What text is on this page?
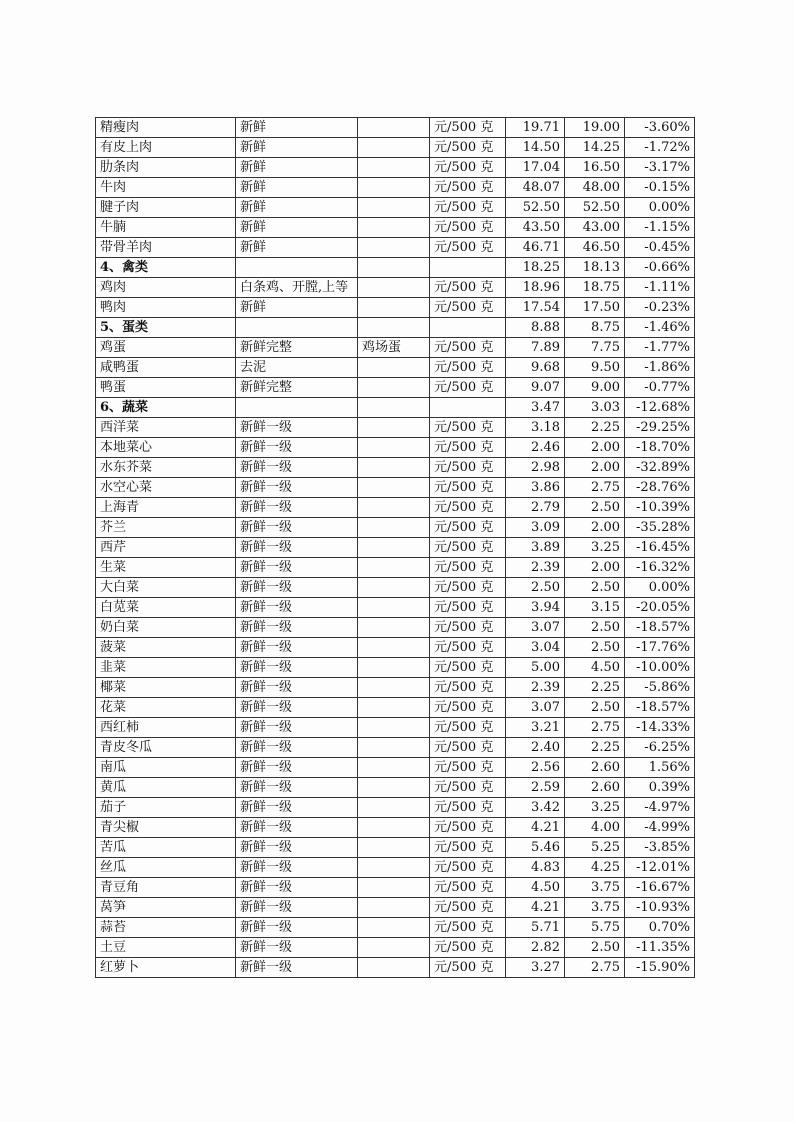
精瘦肉	新鲜		元/500 克	19.71	19.00	-3.60%
有皮上肉	新鲜		元/500 克	14.50	14.25	-1.72%
肋条肉	新鲜		元/500 克	17.04	16.50	-3.17%
牛肉	新鲜		元/500 克	48.07	48.00	-0.15%
腱子肉	新鲜		元/500 克	52.50	52.50	0.00%
牛腩	新鲜		元/500 克	43.50	43.00	-1.15%
带骨羊肉	新鲜		元/500 克	46.71	46.50	-0.45%
4、禽类				18.25	18.13	-0.66%
鸡肉	白条鸡、开膛,上等		元/500 克	18.96	18.75	-1.11%
鸭肉	新鲜		元/500 克	17.54	17.50	-0.23%
5、蛋类				8.88	8.75	-1.46%
鸡蛋	新鲜完整	鸡场蛋	元/500 克	7.89	7.75	-1.77%
咸鸭蛋	去泥		元/500 克	9.68	9.50	-1.86%
鸭蛋	新鲜完整		元/500 克	9.07	9.00	-0.77%
6、蔬菜				3.47	3.03	-12.68%
西洋菜	新鲜一级		元/500 克	3.18	2.25	-29.25%
本地菜心	新鲜一级		元/500 克	2.46	2.00	-18.70%
水东芥菜	新鲜一级		元/500 克	2.98	2.00	-32.89%
水空心菜	新鲜一级		元/500 克	3.86	2.75	-28.76%
上海青	新鲜一级		元/500 克	2.79	2.50	-10.39%
芥兰	新鲜一级		元/500 克	3.09	2.00	-35.28%
西芹	新鲜一级		元/500 克	3.89	3.25	-16.45%
生菜	新鲜一级		元/500 克	2.39	2.00	-16.32%
大白菜	新鲜一级		元/500 克	2.50	2.50	0.00%
白苋菜	新鲜一级		元/500 克	3.94	3.15	-20.05%
奶白菜	新鲜一级		元/500 克	3.07	2.50	-18.57%
菠菜	新鲜一级		元/500 克	3.04	2.50	-17.76%
韭菜	新鲜一级		元/500 克	5.00	4.50	-10.00%
椰菜	新鲜一级		元/500 克	2.39	2.25	-5.86%
花菜	新鲜一级		元/500 克	3.07	2.50	-18.57%
西红柿	新鲜一级		元/500 克	3.21	2.75	-14.33%
青皮冬瓜	新鲜一级		元/500 克	2.40	2.25	-6.25%
南瓜	新鲜一级		元/500 克	2.56	2.60	1.56%
黄瓜	新鲜一级		元/500 克	2.59	2.60	0.39%
茄子	新鲜一级		元/500 克	3.42	3.25	-4.97%
青尖椒	新鲜一级		元/500 克	4.21	4.00	-4.99%
苦瓜	新鲜一级		元/500 克	5.46	5.25	-3.85%
丝瓜	新鲜一级		元/500 克	4.83	4.25	-12.01%
青豆角	新鲜一级		元/500 克	4.50	3.75	-16.67%
莴笋	新鲜一级		元/500 克	4.21	3.75	-10.93%
蒜苔	新鲜一级		元/500 克	5.71	5.75	0.70%
土豆	新鲜一级		元/500 克	2.82	2.50	-11.35%
红萝卜	新鲜一级		元/500 克	3.27	2.75	-15.90%
